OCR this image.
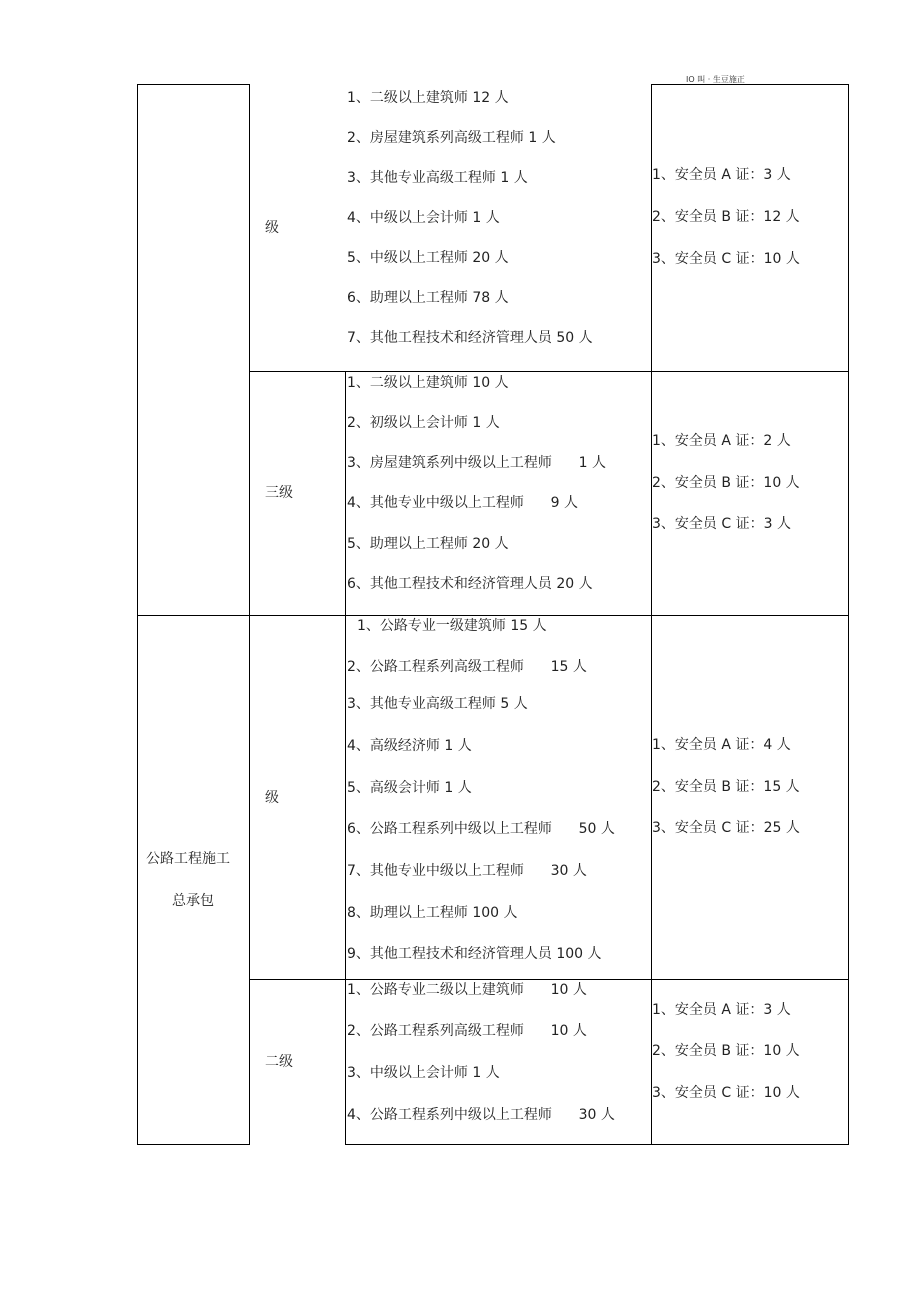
IO 叫 · 生豆施正
公路工程施工
总承包
级
三级
级
二级
1、二级以上建筑师 12 人
2、房屋建筑系列高级工程师 1 人
3、其他专业高级工程师 1 人
4、中级以上会计师 1 人
5、中级以上工程师 20 人
6、助理以上工程师 78 人
7、其他工程技术和经济管理人员 50 人
1、安全员 A 证：3 人
2、安全员 B 证：12 人
3、安全员 C 证：10 人
1、二级以上建筑师 10 人
2、初级以上会计师 1 人
3、房屋建筑系列中级以上工程师      1 人
4、其他专业中级以上工程师      9 人
5、助理以上工程师 20 人
6、其他工程技术和经济管理人员 20 人
1、安全员 A 证：2 人
2、安全员 B 证：10 人
3、安全员 C 证：3 人
1、公路专业一级建筑师 15 人
2、公路工程系列高级工程师      15 人
3、其他专业高级工程师 5 人
4、高级经济师 1 人
5、高级会计师 1 人
6、公路工程系列中级以上工程师      50 人
7、其他专业中级以上工程师      30 人
8、助理以上工程师 100 人
9、其他工程技术和经济管理人员 100 人
1、安全员 A 证：4 人
2、安全员 B 证：15 人
3、安全员 C 证：25 人
1、公路专业二级以上建筑师      10 人
2、公路工程系列高级工程师      10 人
3、中级以上会计师 1 人
4、公路工程系列中级以上工程师      30 人
1、安全员 A 证：3 人
2、安全员 B 证：10 人
3、安全员 C 证：10 人
